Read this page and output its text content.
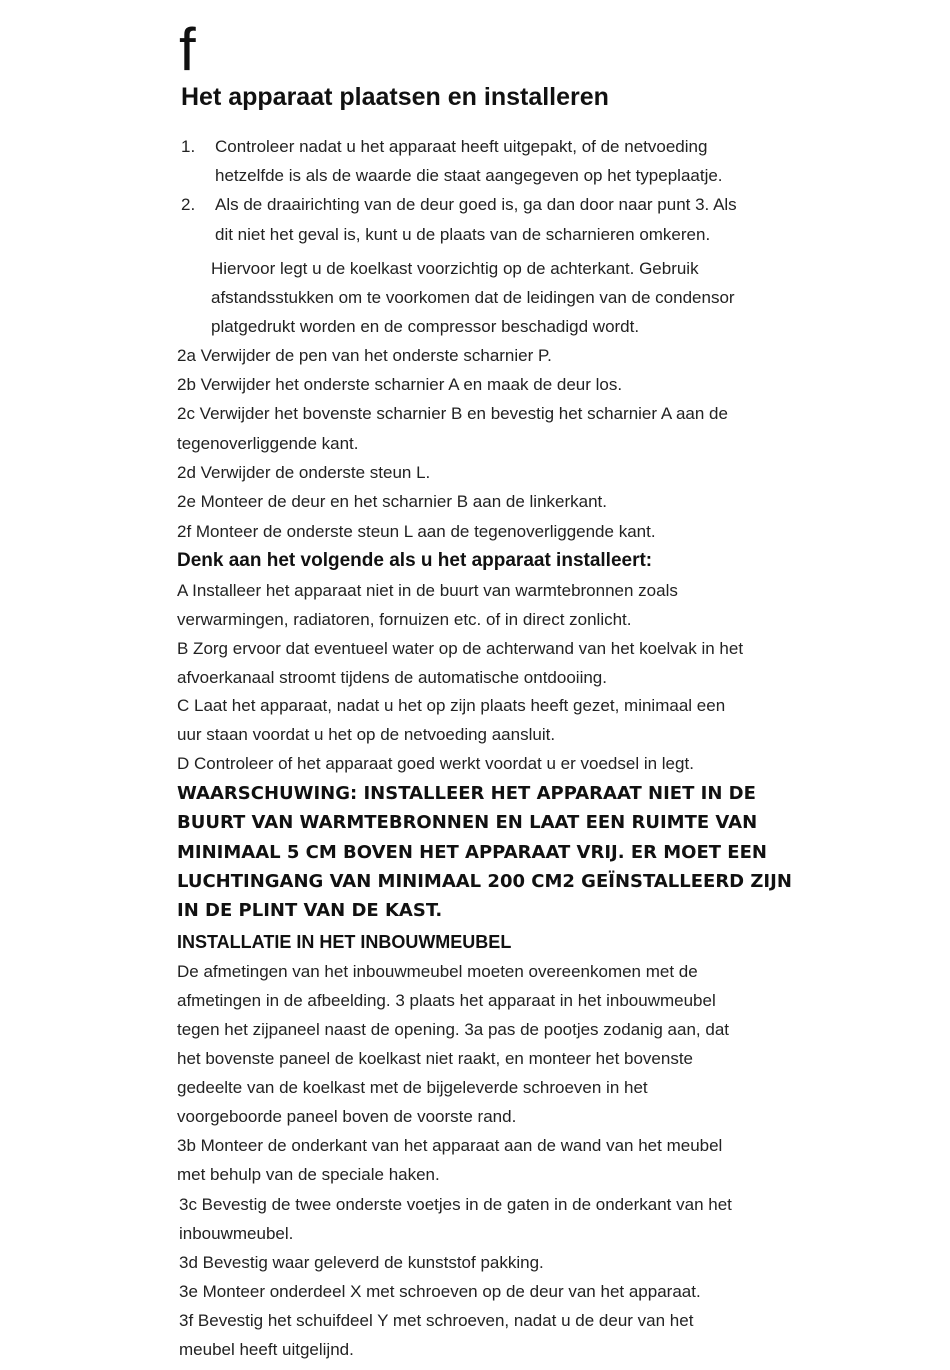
f
Het apparaat plaatsen en installeren
1. Controleer nadat u het apparaat heeft uitgepakt, of de netvoeding
hetzelfde is als de waarde die staat aangegeven op het typeplaatje.
2. Als de draairichting van de deur goed is, ga dan door naar punt 3. Als
dit niet het geval is, kunt u de plaats van de scharnieren omkeren.
Hiervoor legt u de koelkast voorzichtig op de achterkant. Gebruik
afstandsstukken om te voorkomen dat de leidingen van de condensor
platgedrukt worden en de compressor beschadigd wordt.
2a Verwijder de pen van het onderste scharnier P.
2b Verwijder het onderste scharnier A en maak de deur los.
2c Verwijder het bovenste scharnier B en bevestig het scharnier A aan de
tegenoverliggende kant.
2d Verwijder de onderste steun L.
2e Monteer de deur en het scharnier B aan de linkerkant.
2f Monteer de onderste steun L aan de tegenoverliggende kant.
Denk aan het volgende als u het apparaat installeert:
A Installeer het apparaat niet in de buurt van warmtebronnen zoals
verwarmingen, radiatoren, fornuizen etc. of in direct zonlicht.
B Zorg ervoor dat eventueel water op de achterwand van het koelvak in het
afvoerkanaal stroomt tijdens de automatische ontdooiing.
C Laat het apparaat, nadat u het op zijn plaats heeft gezet, minimaal een
uur staan voordat u het op de netvoeding aansluit.
D Controleer of het apparaat goed werkt voordat u er voedsel in legt.
WAARSCHUWING: INSTALLEER HET APPARAAT NIET IN DE
BUURT VAN WARMTEBRONNEN EN LAAT EEN RUIMTE VAN
MINIMAAL 5 CM BOVEN HET APPARAAT VRIJ. ER MOET EEN
LUCHTINGANG VAN MINIMAAL 200 CM2 GEÏNSTALLEERD ZIJN
IN DE PLINT VAN DE KAST.
INSTALLATIE IN HET INBOUWMEUBEL
De afmetingen van het inbouwmeubel moeten overeenkomen met de
afmetingen in de afbeelding. 3 plaats het apparaat in het inbouwmeubel
tegen het zijpaneel naast de opening. 3a pas de pootjes zodanig aan, dat
het bovenste paneel de koelkast niet raakt, en monteer het bovenste
gedeelte van de koelkast met de bijgeleverde schroeven in het
voorgeboorde paneel boven de voorste rand.
3b Monteer de onderkant van het apparaat aan de wand van het meubel
met behulp van de speciale haken.
3c Bevestig de twee onderste voetjes in de gaten in de onderkant van het
inbouwmeubel.
3d Bevestig waar geleverd de kunststof pakking.
3e Monteer onderdeel X met schroeven op de deur van het apparaat.
3f Bevestig het schuifdeel Y met schroeven, nadat u de deur van het
meubel heeft uitgelijnd.
